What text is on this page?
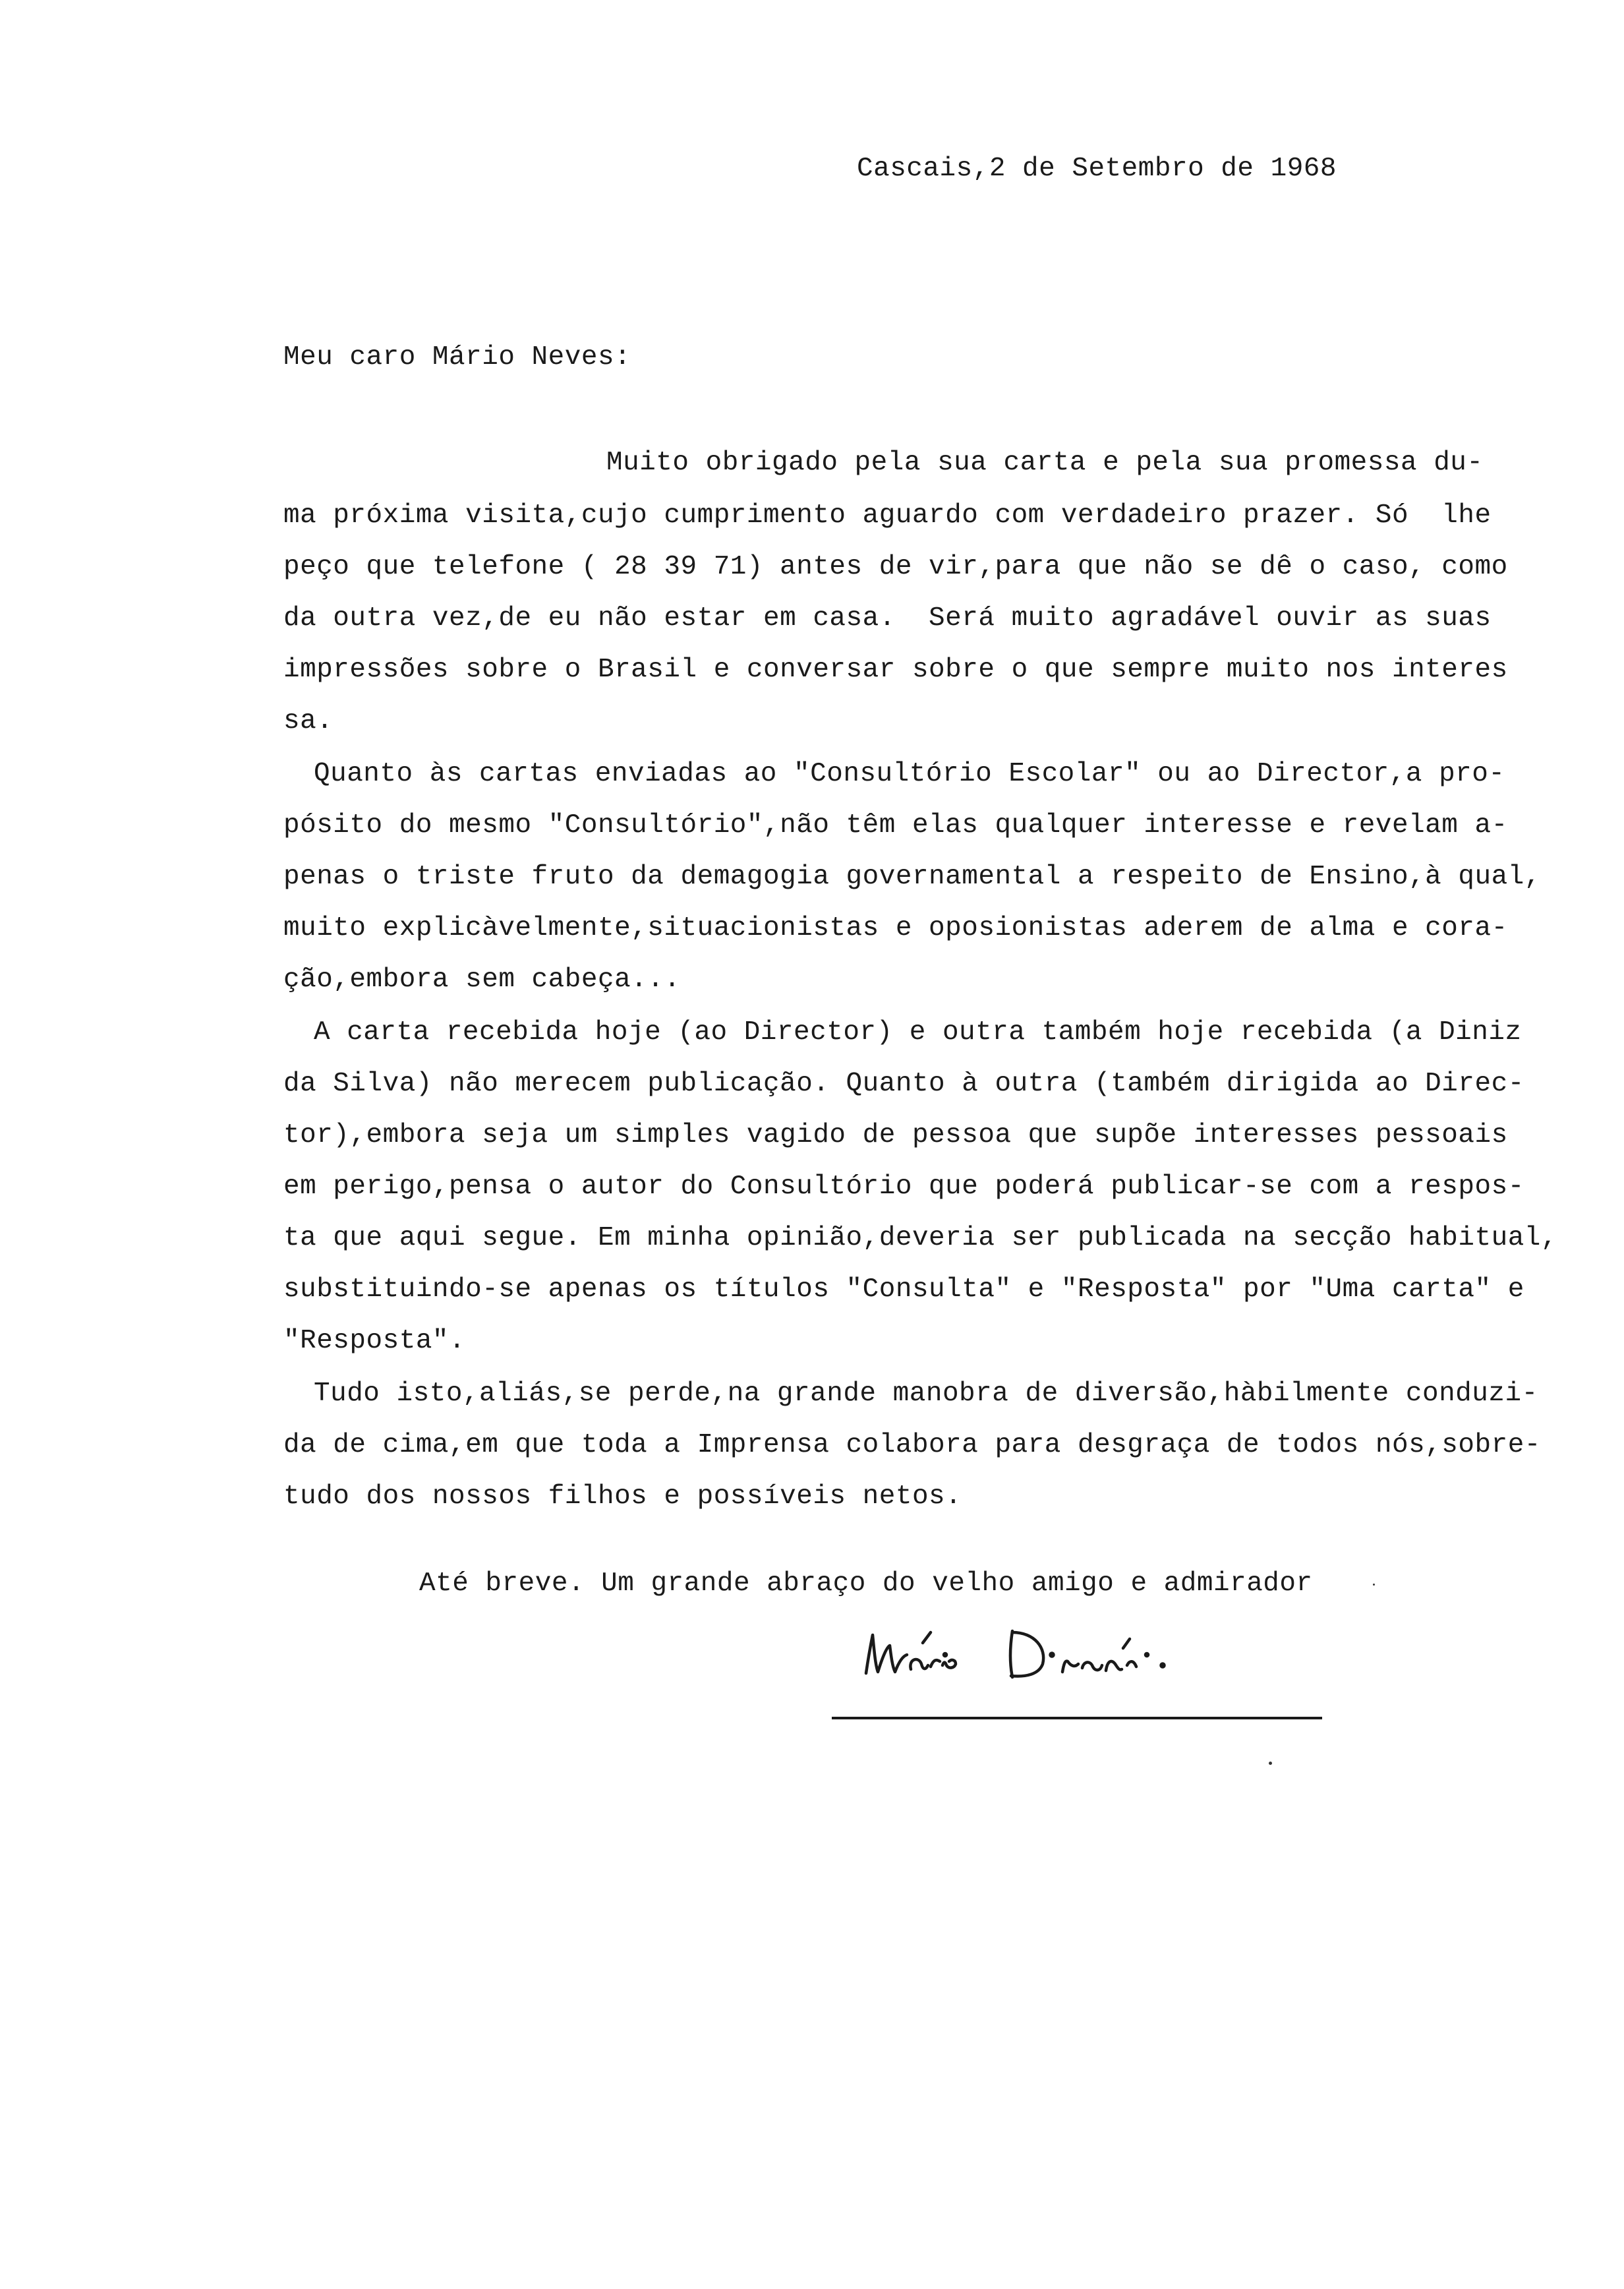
Cascais,2 de Setembro de 1968
Meu caro Mário Neves:
Muito obrigado pela sua carta e pela sua promessa du-
ma próxima visita,cujo cumprimento aguardo com verdadeiro prazer. Só  lhe
peço que telefone ( 28 39 71) antes de vir,para que não se dê o caso, como
da outra vez,de eu não estar em casa.  Será muito agradável ouvir as suas
impressões sobre o Brasil e conversar sobre o que sempre muito nos interes
sa.
Quanto às cartas enviadas ao "Consultório Escolar" ou ao Director,a pro-
pósito do mesmo "Consultório",não têm elas qualquer interesse e revelam a-
penas o triste fruto da demagogia governamental a respeito de Ensino,à qual,
muito explicàvelmente,situacionistas e oposionistas aderem de alma e cora-
ção,embora sem cabeça...
A carta recebida hoje (ao Director) e outra também hoje recebida (a Diniz
da Silva) não merecem publicação. Quanto à outra (também dirigida ao Direc-
tor),embora seja um simples vagido de pessoa que supõe interesses pessoais
em perigo,pensa o autor do Consultório que poderá publicar-se com a respos-
ta que aqui segue. Em minha opinião,deveria ser publicada na secção habitual,
substituindo-se apenas os títulos "Consulta" e "Resposta" por "Uma carta" e
"Resposta".
Tudo isto,aliás,se perde,na grande manobra de diversão,hàbilmente conduzi-
da de cima,em que toda a Imprensa colabora para desgraça de todos nós,sobre-
tudo dos nossos filhos e possíveis netos.
Até breve. Um grande abraço do velho amigo e admirador
